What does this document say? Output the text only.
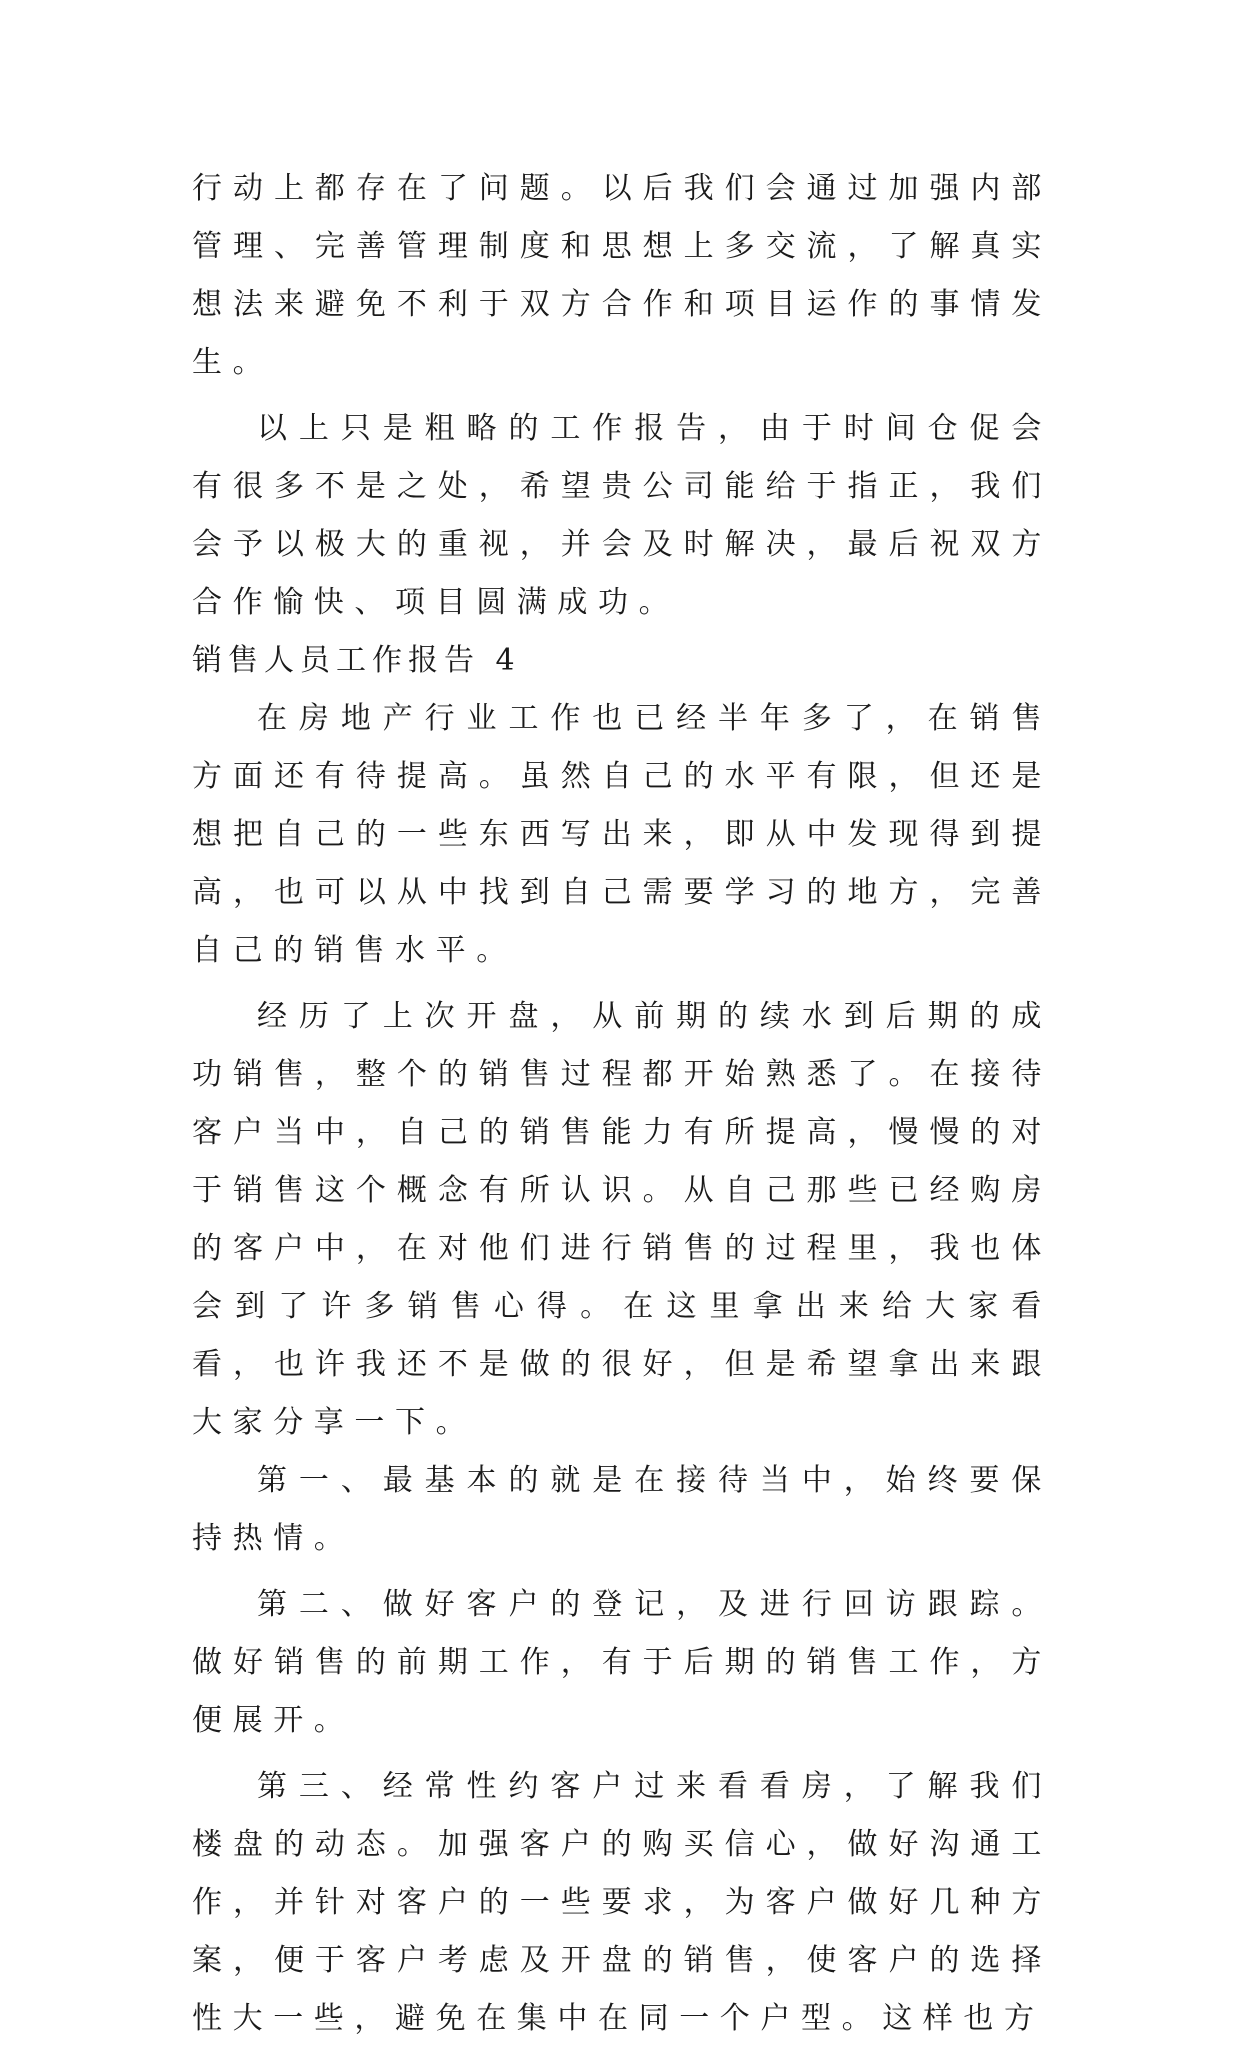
行动上都存在了问题。以后我们会通过加强内部管理、完善管理制度和思想上多交流，了解真实想法来避免不利于双方合作和项目运作的事情发生。

以上只是粗略的工作报告，由于时间仓促会有很多不是之处，希望贵公司能给于指正，我们会予以极大的重视，并会及时解决，最后祝双方合作愉快、项目圆满成功。

销售人员工作报告 4

在房地产行业工作也已经半年多了，在销售方面还有待提高。虽然自己的水平有限，但还是想把自己的一些东西写出来，即从中发现得到提高，也可以从中找到自己需要学习的地方，完善自己的销售水平。

经历了上次开盘，从前期的续水到后期的成功销售，整个的销售过程都开始熟悉了。在接待客户当中，自己的销售能力有所提高，慢慢的对于销售这个概念有所认识。从自己那些已经购房的客户中，在对他们进行销售的过程里，我也体会到了许多销售心得。在这里拿出来给大家看看，也许我还不是做的很好，但是希望拿出来跟大家分享一下。

第一、最基本的就是在接待当中，始终要保持热情。

第二、做好客户的登记，及进行回访跟踪。做好销售的前期工作，有于后期的销售工作，方便展开。

第三、经常性约客户过来看看房，了解我们楼盘的动态。加强客户的购买信心，做好沟通工作，并针对客户的一些要求，为客户做好几种方案，便于客户考虑及开盘的销售，使客户的选择性大一些，避免在集中在同一个户型。这样也方
